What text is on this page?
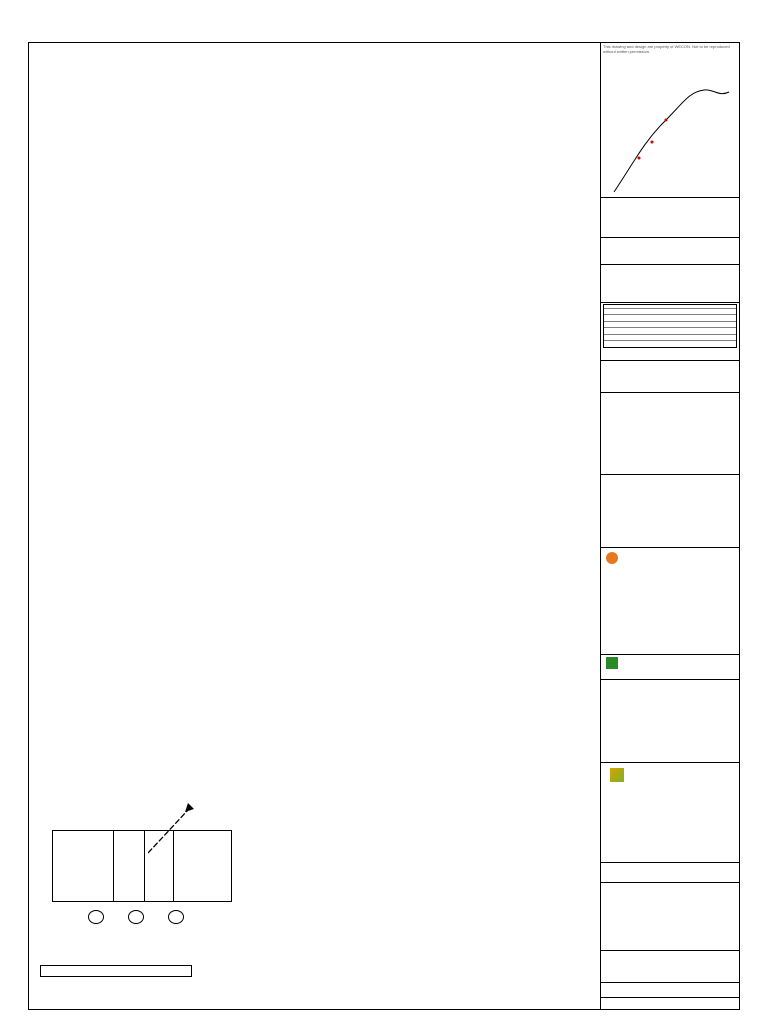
This drawing and design are property of WECON. Not to be reproduced without written permission.
